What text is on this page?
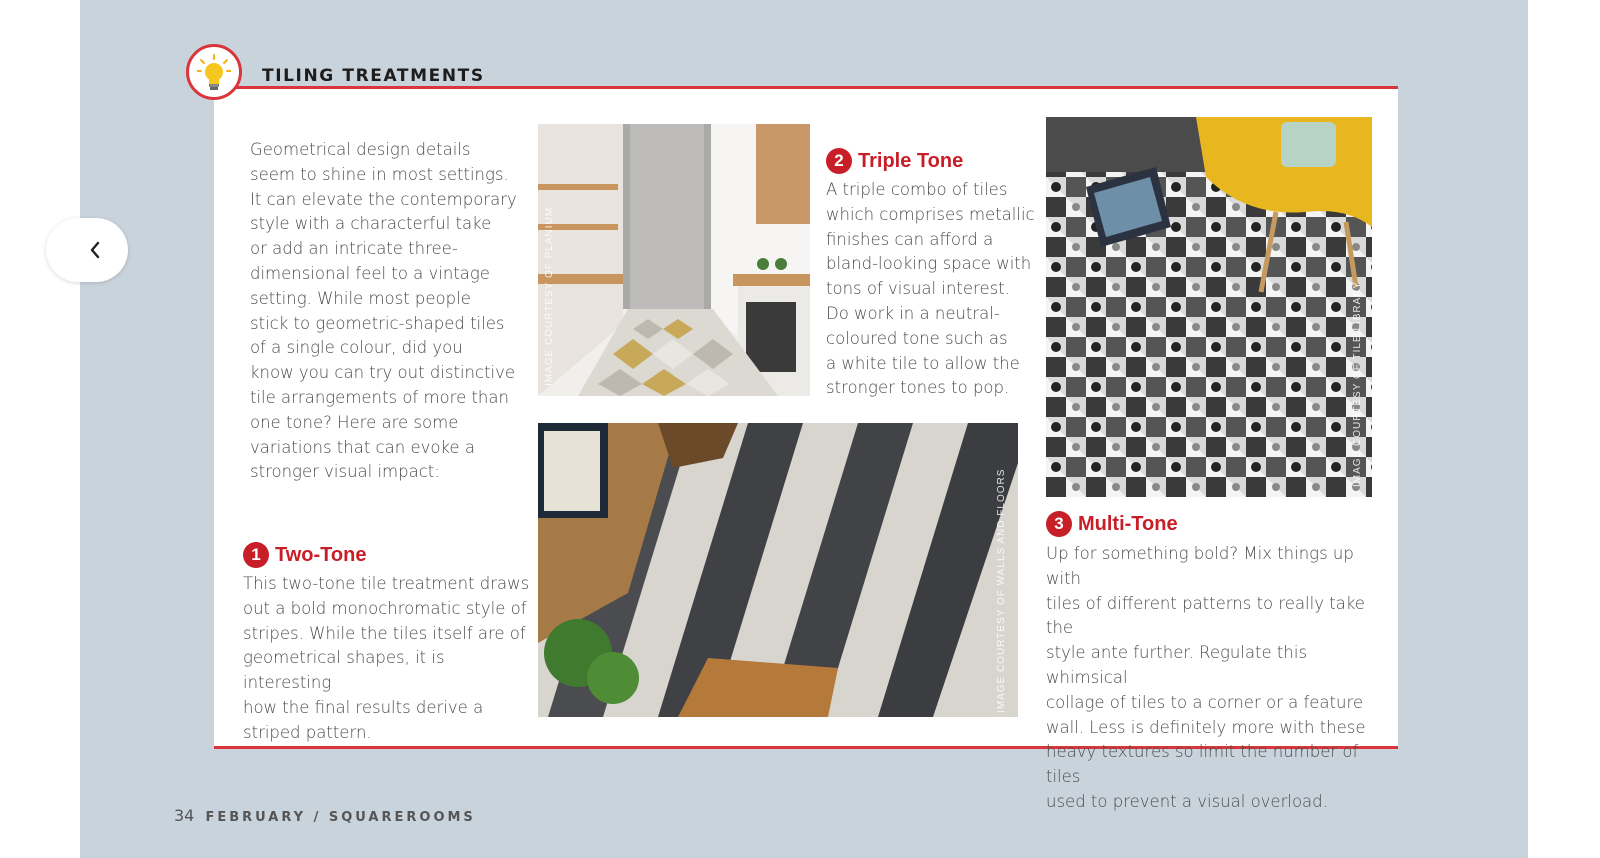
TILING TREATMENTS
Geometrical design details
seem to shine in most settings.
It can elevate the contemporary
style with a characterful take
or add an intricate three-
dimensional feel to a vintage
setting. While most people
stick to geometric-shaped tiles
of a single colour, did you
know you can try out distinctive
tile arrangements of more than
one tone? Here are some
variations that can evoke a
stronger visual impact:
1 Two-Tone
This two-tone tile treatment draws
out a bold monochromatic style of
stripes. While the tiles itself are of
geometrical shapes, it is interesting
how the final results derive a
striped pattern.
IMAGE COURTESY OF PLANIUM
IMAGE COURTESY OF WALLS AND FLOORS
2 Triple Tone
A triple combo of tiles
which comprises metallic
finishes can afford a
bland-looking space with
tons of visual interest.
Do work in a neutral-
coloured tone such as
a white tile to allow the
stronger tones to pop.	IMAGE COURTESY OF TILE LIBRARY
3 Multi-Tone
Up for something bold? Mix things up with
tiles of different patterns to really take the
style ante further. Regulate this whimsical
collage of tiles to a corner or a feature
wall. Less is definitely more with these
heavy textures so limit the number of tiles
used to prevent a visual overload.
34 FEBRUARY / SQUAREROOMS
